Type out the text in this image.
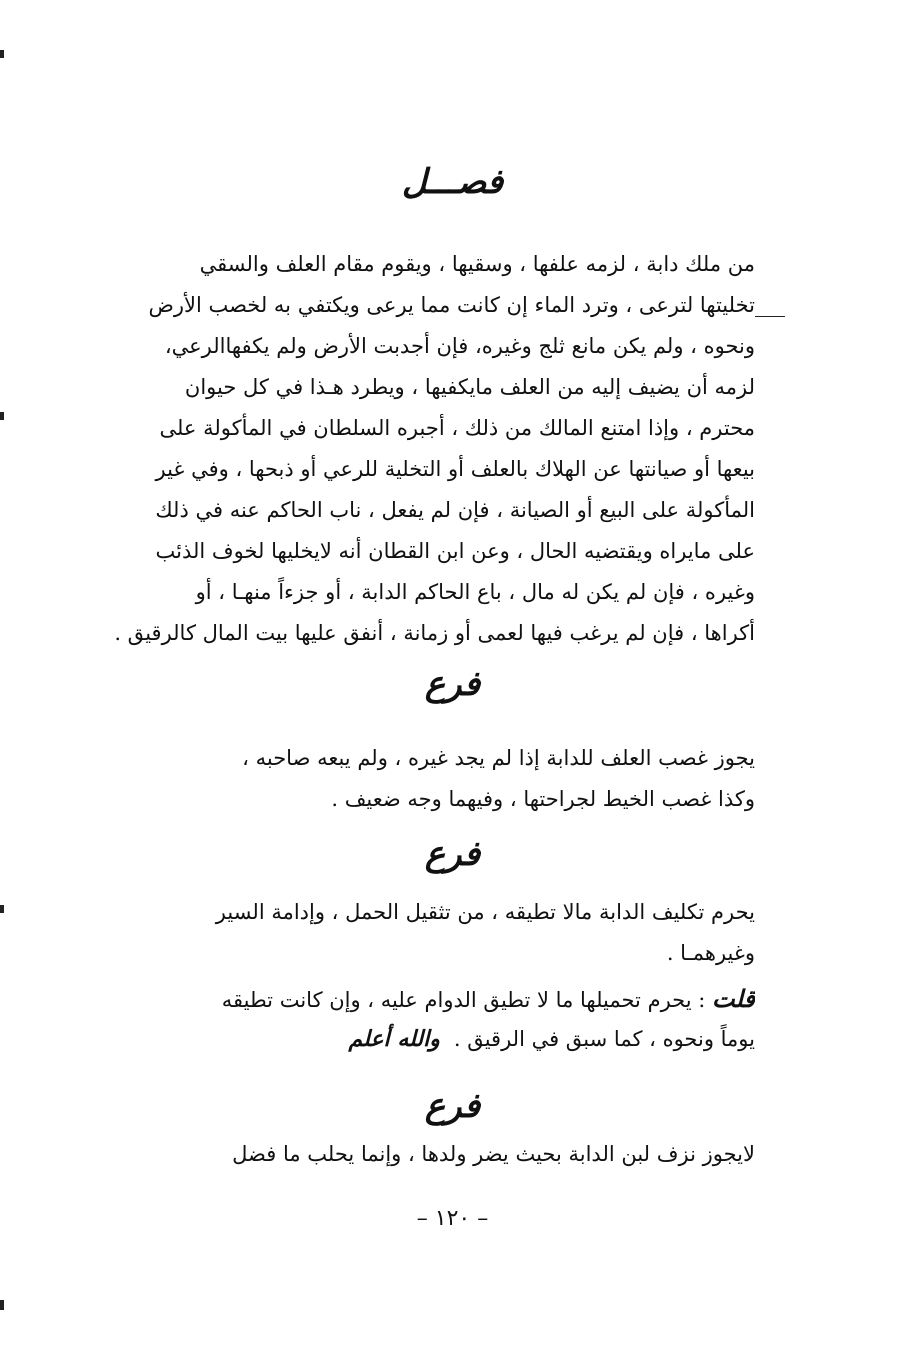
فصـــل
من ملك دابة ، لزمه علفها ، وسقيها ، ويقوم مقام العلف والسقي
تخليتها لترعى ، وترد الماء إن كانت مما يرعى ويكتفي به لخصب الأرض
ونحوه ، ولم يكن مانع ثلج وغيره، فإن أجدبت الأرض ولم يكفهاالرعي،
لزمه أن يضيف إليه من العلف مايكفيها ، ويطرد هـذا في كل حيوان
محترم ، وإذا امتنع المالك من ذلك ، أجبره السلطان في المأكولة على
بيعها أو صيانتها عن الهلاك بالعلف أو التخلية للرعي أو ذبحها ، وفي غير
المأكولة على البيع أو الصيانة ، فإن لم يفعل ، ناب الحاكم عنه في ذلك
على مايراه ويقتضيه الحال ، وعن ابن القطان أنه لايخليها لخوف الذئب
وغيره ، فإن لم يكن له مال ، باع الحاكم الدابة ، أو جزءاً منهـا ، أو
أكراها ، فإن لم يرغب فيها لعمى أو زمانة ، أنفق عليها بيت المال كالرقيق .
فرع
يجوز غصب العلف للدابة إذا لم يجد غيره ، ولم يبعه صاحبه ،
وكذا غصب الخيط لجراحتها ، وفيهما وجه ضعيف .
فرع
يحرم تكليف الدابة مالا تطيقه ، من تثقيل الحمل ، وإدامة السير
وغيرهمـا .
قلت : يحرم تحميلها ما لا تطيق الدوام عليه ، وإن كانت تطيقه
يوماً ونحوه ، كما سبق في الرقيق .والله أعلم
فرع
لايجوز نزف لبن الدابة بحيث يضر ولدها ، وإنما يحلب ما فضل
– ١٢٠ –
